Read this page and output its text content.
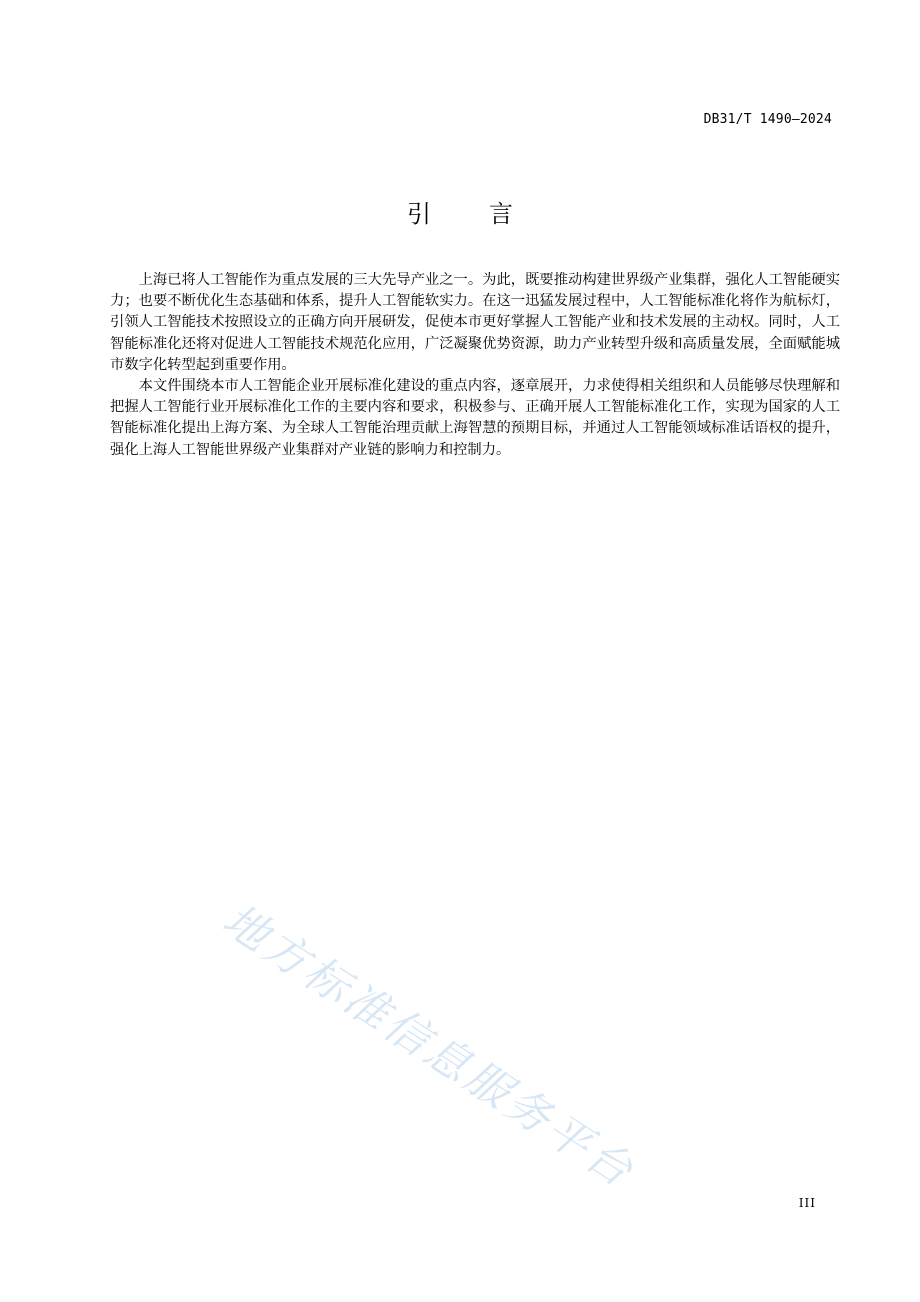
DB31/T 1490—2024
引言

上海已将人工智能作为重点发展的三大先导产业之一。为此，既要推动构建世界级产业集群，强化人工智能硬实力；也要不断优化生态基础和体系，提升人工智能软实力。在这一迅猛发展过程中，人工智能标准化将作为航标灯，引领人工智能技术按照设立的正确方向开展研发，促使本市更好掌握人工智能产业和技术发展的主动权。同时，人工智能标准化还将对促进人工智能技术规范化应用，广泛凝聚优势资源，助力产业转型升级和高质量发展，全面赋能城市数字化转型起到重要作用。

本文件围绕本市人工智能企业开展标准化建设的重点内容，逐章展开，力求使得相关组织和人员能够尽快理解和把握人工智能行业开展标准化工作的主要内容和要求，积极参与、正确开展人工智能标准化工作，实现为国家的人工智能标准化提出上海方案、为全球人工智能治理贡献上海智慧的预期目标，并通过人工智能领域标准话语权的提升，强化上海人工智能世界级产业集群对产业链的影响力和控制力。

地方标准信息服务平台
III
